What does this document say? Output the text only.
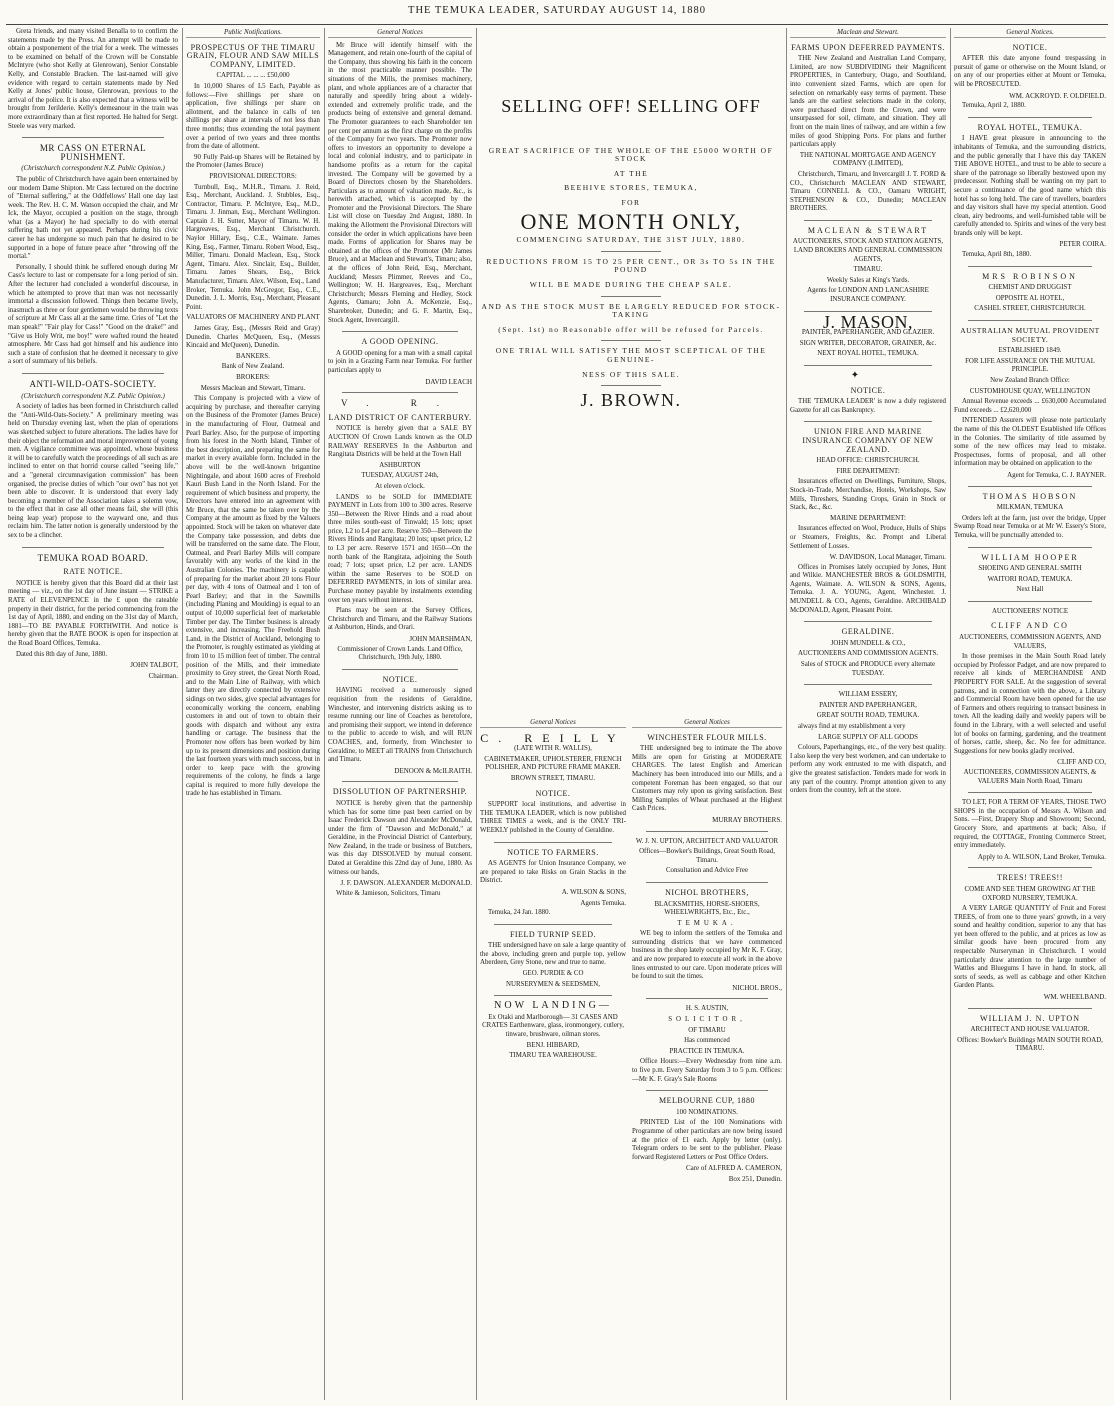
THE TEMUKA LEADER, SATURDAY AUGUST 14, 1880

Greta friends, and many visited Benalla to to confirm the statements made by the Press. An attempt will be made to obtain a postponement of the trial for a week. The witnesses to be examined on behalf of the Crown will be Constable McIntyre (who shot Kelly at Glenrowan), Senior Constable Kelly, and Constable Bracken. The last-named will give evidence with regard to certain statements made by Ned Kelly at Jones' public house, Glenrowan, previous to the arrival of the police. It is also expected that a witness will be brought from Jerilderie. Kelly's demeanour in the train was more extraordinary than at first reported. He halted for Sergt. Steele was very marked.

MR CASS ON ETERNAL PUNISHMENT.
(Christchurch correspondent N.Z. Public Opinion.)

The public of Christchurch have again been entertained by our modern Dame Shipton. Mr Cass lectured on the doctrine of "Eternal suffering," at the Oddfellows' Hall one day last week. The Rev. H. C. M. Watson occupied the chair, and Mr Ick, the Mayor, occupied a position on the stage, through what (as a Mayor) he had specially to do with eternal suffering hath not yet appeared. Perhaps during his civic career he has undergone so much pain that he desired to be supported in a hope of future peace after "throwing off the mortal."

Personally, I should think he suffered enough during Mr Cass's lecture to last or compensate for a long period of sin. After the lecturer had concluded a wonderful discourse, in which he attempted to prove that man was not necessarily immortal a discussion followed. Things then became lively, inasmuch as three or four gentlemen would be throwing texts of scripture at Mr Cass all at the same time. Cries of "Let the man speak!" "Fair play for Cass!" "Good on the drake!" and "Give us Holy Writ, me boy!" were wafted round the heated atmosphere. Mr Cass had got himself and his audience into such a state of confusion that he deemed it necessary to give a sort of summary of his beliefs.

ANTI-WILD-OATS-SOCIETY.
(Christchurch correspondent N.Z. Public Opinion.)

A society of ladies has been formed in Christchurch called the "Anti-Wild-Oats-Society." A preliminary meeting was held on Thursday evening last, when the plan of operations was sketched subject to future alterations. The ladies have for their object the reformation and moral improvement of young men. A vigilance committee was appointed, whose business it will be to carefully watch the proceedings of all such as are inclined to enter on that horrid course called "seeing life," and a "general circumnavigation commission" has been organised, the precise duties of which "our own" has not yet been able to discover. It is understood that every lady becoming a member of the Association takes a solemn vow, to the effect that in case all other means fail, she will (this being leap year) propose to the wayward one, and thus reclaim him. The latter notion is generally understood by the sex to be a clincher.

TEMUKA ROAD BOARD.
RATE NOTICE.

NOTICE is hereby given that this Board did at their last meeting — viz., on the 1st day of June instant — STRIKE a RATE of ELEVENPENCE in the £ upon the rateable property in their district, for the period commencing from the 1st day of April, 1880, and ending on the 31st day of March, 1881—TO BE PAYABLE FORTHWITH. And notice is hereby given that the RATE BOOK is open for inspection at the Road Board Offices, Temuka.

Dated this 8th day of June, 1880.

JOHN TALBOT,

Chairman.

Public Notifications.
PROSPECTUS OF THE TIMARU GRAIN, FLOUR AND SAW MILLS COMPANY, LIMITED.

CAPITAL ... ... ... £50,000

In 10,000 Shares of L5 Each, Payable as follows:—Five shillings per share on application, five shillings per share on allotment, and the balance in calls of ten shillings per share at intervals of not less than three months; thus extending the total payment over a period of two years and three months from the date of allotment.

90 Fully Paid-up Shares will be Retained by the Promoter (James Bruce)

PROVISIONAL DIRECTORS:

Turnbull, Esq., M.H.R., Timaru. J. Reid, Esq., Merchant, Auckland. J. Stubbles, Esq., Contractor, Timaru. P. McIntyre, Esq., M.D., Timaru. J. Jinman, Esq., Merchant Wellington. Captain J. H. Sutter, Mayor of Timaru. W. H. Hargreaves, Esq., Merchant Christchurch. Naylor Hillary, Esq., C.E., Waimate. James King, Esq., Farmer, Timaru. Robert Wood, Esq., Miller, Timaru. Donald Maclean, Esq., Stock Agent, Timaru. Alex. Sinclair, Esq., Builder, Timaru. James Shears, Esq., Brick Manufacturer, Timaru. Alex. Wilson, Esq., Land Broker, Temuka. John McGregor, Esq., C.E., Dunedin. J. L. Morris, Esq., Merchant, Pleasant Point.

VALUATORS OF MACHINERY AND PLANT

James Gray, Esq., (Messrs Reid and Gray) Dunedin. Charles McQueen, Esq., (Messrs Kincaid and McQueen), Dunedin.

BANKERS.

Bank of New Zealand.

BROKERS:

Messrs Maclean and Stewart, Timaru.

This Company is projected with a view of acquiring by purchase, and thereafter carrying on the Business of the Promoter (James Bruce) in the manufacturing of Flour, Oatmeal and Pearl Barley. Also, for the purpose of importing from his forest in the North Island, Timber of the best description, and preparing the same for market in every available form. Included in the above will be the well-known brigantine Nightingale, and about 1600 acres of Freehold Kauri Bush Land in the North Island. For the requirement of which business and property, the Directors have entered into an agreement with Mr Bruce, that the same be taken over by the Company at the amount as fixed by the Valuers appointed. Stock will be taken on whatever date the Company take possession, and debts due will be transferred on the same date. The Flour, Oatmeal, and Pearl Barley Mills will compare favorably with any works of the kind in the Australian Colonies. The machinery is capable of preparing for the market about 20 tons Flour per day, with 4 tons of Oatmeal and 1 ton of Pearl Barley; and that in the Sawmills (including Planing and Moulding) is equal to an output of 10,000 superficial feet of marketable Timber per day. The Timber business is already extensive, and increasing. The Freehold Bush Land, in the District of Auckland, belonging to the Promoter, is roughly estimated as yielding at from 10 to 15 million feet of timber. The central position of the Mills, and their immediate proximity to Grey street, the Great North Road, and to the Main Line of Railway, with which latter they are directly connected by extensive sidings on two sides, give special advantages for economically working the concern, enabling customers in and out of town to obtain their goods with dispatch and without any extra handling or cartage. The business that the Promoter now offers has been worked by him up to its present dimensions and position during the last fourteen years with much success, but in order to keep pace with the growing requirements of the colony, he finds a large capital is required to more fully develope the trade he has established in Timaru.

General Notices

Mr Bruce will identify himself with the Management, and retain one-fourth of the capital of the Company, thus showing his faith in the concern in the most practicable manner possible. The situations of the Mills, the premises machinery, plant, and whole appliances are of a character that naturally and speedily bring about a widely-extended and extremely prolific trade, and the products being of extensive and general demand. The Promoter guarantees to each Shareholder ten per cent per annum as the first charge on the profits of the Company for two years. The Promoter now offers to investors an opportunity to develope a local and colonial industry, and to participate in handsome profits as a return for the capital invested. The Company will be governed by a Board of Directors chosen by the Shareholders. Particulars as to amount of valuation made, &c., is herewith attached, which is accepted by the Promoter and the Provisional Directors. The Share List will close on Tuesday 2nd August, 1880. In making the Allotment the Provisional Directors will consider the order in which applications have been made. Forms of application for Shares may be obtained at the offices of the Promoter (Mr James Bruce), and at Maclean and Stewart's, Timaru; also, at the offices of John Reid, Esq., Merchant, Auckland; Messrs Plimmer, Reeves and Co., Wellington; W. H. Hargreaves, Esq., Merchant Christchurch; Messrs Fleming and Hedley, Stock Agents, Oamaru; John A. McKenzie, Esq., Sharebroker, Dunedin; and G. F. Martin, Esq., Stock Agent, Invercargill.

A GOOD OPENING.

A GOOD opening for a man with a small capital to join in a Grazing Farm near Temuka. For further particulars apply to

DAVID LEACH

V. R.
LAND DISTRICT OF CANTERBURY.

NOTICE is hereby given that a SALE BY AUCTION Of Crown Lands known as the OLD RAILWAY RESERVES In the Ashburton and Rangitata Districts will be held at the Town Hall

ASHBURTON

TUESDAY, AUGUST 24th,

At eleven o'clock.

LANDS to be SOLD for IMMEDIATE PAYMENT in Lots from 100 to 300 acres. Reserve 350—Between the River Hinds and a road about three miles south-east of Tinwald; 15 lots; upset price, L2 to L4 per acre. Reserve 350—Between the Rivers Hinds and Rangitata; 20 lots; upset price, L2 to L3 per acre. Reserve 1571 and 1650—On the north bank of the Rangitata, adjoining the South road; 7 lots; upset price, L2 per acre. LANDS within the same Reserves to be SOLD on DEFERRED PAYMENTS, in lots of similar area. Purchase money payable by instalments extending over ten years without interest.

Plans may be seen at the Survey Offices, Christchurch and Timaru, and the Railway Stations at Ashburton, Hinds, and Orari.

JOHN MARSHMAN,

Commissioner of Crown Lands. Land Office, Christchurch, 19th July, 1880.

NOTICE.

HAVING received a numerously signed requisition from the residents of Geraldine, Winchester, and intervening districts asking us to resume running our line of Coaches as heretofore, and promising their support, we intend in deference to the public to accede to wish, and will RUN COACHES, and, formerly, from Winchester to Geraldine, to MEET all TRAINS from Christchurch and Timaru.

DENOON & McILRAITH.

DISSOLUTION OF PARTNERSHIP.

NOTICE is hereby given that the partnership which has for some time past been carried on by Isaac Frederick Dawson and Alexander McDonald, under the firm of "Dawson and McDonald," at Geraldine, in the Provincial District of Canterbury, New Zealand, in the trade or business of Butchers, was this day DISSOLVED by mutual consent. Dated at Geraldine this 22nd day of June, 1880. As witness our hands,

J. F. DAWSON. ALEXANDER McDONALD.

White & Jamieson, Solicitors, Timaru

SELLING OFF! SELLING OFF
GREAT SACRIFICE OF THE WHOLE OF THE £5000 WORTH OF STOCK
AT THE
BEEHIVE STORES, TEMUKA,
FOR
ONE MONTH ONLY,
COMMENCING SATURDAY, THE 31ST JULY, 1880.
REDUCTIONS FROM 15 TO 25 PER CENT., OR 3s TO 5s IN THE POUND
WILL BE MADE DURING THE CHEAP SALE.
AND AS THE STOCK MUST BE LARGELY REDUCED FOR STOCK-TAKING
(Sept. 1st) no Reasonable offer will be refused for Parcels.
ONE TRIAL WILL SATISFY THE MOST SCEPTICAL OF THE GENUINE-
NESS OF THIS SALE.
J. BROWN.
General Notices
C. REILLY

(LATE WITH R. WALLIS),

CABINETMAKER, UPHOLSTERER, FRENCH POLISHER, AND PICTURE FRAME MAKER.

BROWN STREET, TIMARU.

NOTICE.

SUPPORT local institutions, and advertise in THE TEMUKA LEADER, which is now published THREE TIMES a week, and is the ONLY TRI-WEEKLY published in the County of Geraldine.

NOTICE TO FARMERS.

AS AGENTS for Union Insurance Company, we are prepared to take Risks on Grain Stacks in the District.

A. WILSON & SONS,

Agents Temuka.

Temuka, 24 Jan. 1880.

FIELD TURNIP SEED.

THE undersigned have on sale a large quantity of the above, including green and purple top, yellow Aberdeen, Grey Stone, new and true to name.

GEO. PURDIE & CO

NURSERYMEN & SEEDSMEN,

NOW LANDING—

Ex Otaki and Marlborough— 31 CASES AND CRATES Earthenware, glass, ironmongery, cutlery, tinware, brushware, oilman stores.

BENJ. HIBBARD,

TIMARU TEA WAREHOUSE.

General Notices
WINCHESTER FLOUR MILLS.

THE undersigned beg to intimate the The above Mills are open for Gristing at MODERATE CHARGES. The latest English and American Machinery has been introduced into our Mills, and a competent Foreman has been engaged, so that our Customers may rely upon us giving satisfaction. Best Milling Samples of Wheat purchased at the Highest Cash Prices.

MURRAY BROTHERS.

W. J. N. UPTON, ARCHITECT AND VALUATOR

Offices—Bowker's Buildings, Great South Road, Timaru.

Consultation and Advice Free

NICHOL BROTHERS,

BLACKSMITHS, HORSE-SHOERS, WHEELWRIGHTS, Etc., Etc.,

TEMUKA.

WE beg to inform the settlers of the Temuka and surrounding districts that we have commenced business in the shop lately occupied by Mr K. F. Gray, and are now prepared to execute all work in the above lines entrusted to our care. Upon moderate prices will be found to suit the times.

NICHOL BROS.,

H. S. AUSTIN,

SOLICITOR,

OF TIMARU

Has commenced

PRACTICE IN TEMUKA.

Office Hours:—Every Wednesday from nine a.m. to five p.m. Every Saturday from 3 to 5 p.m. Offices:—Mr K. F. Gray's Sale Rooms

MELBOURNE CUP, 1880

100 NOMINATIONS.

PRINTED List of the 100 Nominations with Programme of other particulars are now being issued at the price of £1 each. Apply by letter (only). Telegram orders to be sent to the publisher. Please forward Registered Letters or Post Office Orders.

Care of ALFRED A. CAMERON,

Box 251, Dunedin.

Maclean and Stewart.
FARMS UPON DEFERRED PAYMENTS.

THE New Zealand and Australian Land Company, Limited, are now SUBDIVIDING their Magnificent PROPERTIES, in Canterbury, Otago, and Southland, into convenient sized Farms, which are open for selection on remarkably easy terms of payment. These lands are the earliest selections made in the colony, were purchased direct from the Crown, and were unsurpassed for soil, climate, and situation. They all front on the main lines of railway, and are within a few miles of good Shipping Ports. For plans and further particulars apply

THE NATIONAL MORTGAGE AND AGENCY COMPANY (LIMITED),

Christchurch, Timaru, and Invercargill J. T. FORD & CO., Christchurch MACLEAN AND STEWART, Timaru CONNELL & CO., Oamaru WRIGHT, STEPHENSON & CO., Dunedin; MACLEAN BROTHERS.

MACLEAN & STEWART

AUCTIONEERS, STOCK AND STATION AGENTS, LAND BROKERS AND GENERAL COMMISSION AGENTS,

TIMARU.

Weekly Sales at King's Yards.

Agents for LONDON AND LANCASHIRE INSURANCE COMPANY.

J. MASON,

PAINTER, PAPERHANGER, AND GLAZIER.

SIGN WRITER, DECORATOR, GRAINER, &c.

NEXT ROYAL HOTEL, TEMUKA.

✦
NOTICE.

THE 'TEMUKA LEADER' is now a duly registered Gazette for all cas Bankruptcy.

UNION FIRE AND MARINE INSURANCE COMPANY OF NEW ZEALAND.

HEAD OFFICE: CHRISTCHURCH.

FIRE DEPARTMENT:

Insurances effected on Dwellings, Furniture, Shops, Stock-in-Trade, Merchandise, Hotels, Workshops, Saw Mills, Threshers, Standing Crops, Grain in Stock or Stack, &c., &c.

MARINE DEPARTMENT:

Insurances effected on Wool, Produce, Hulls of Ships or Steamers, Freights, &c. Prompt and Liberal Settlement of Losses.

W. DAVIDSON, Local Manager, Timaru.

Offices in Promises lately occupied by Jones, Hunt and Wilkie. MANCHESTER BROS & GOLDSMITH, Agents, Waimate. A. WILSON & SONS, Agents, Temuka. J. A. YOUNG, Agent, Winchester. J. MUNDELL & CO., Agents, Geraldine. ARCHIBALD McDONALD, Agent, Pleasant Point.

GERALDINE.

JOHN MUNDELL & CO.,

AUCTIONEERS AND COMMISSION AGENTS.

Sales of STOCK and PRODUCE every alternate TUESDAY.

WILLIAM ESSERY,

PAINTER AND PAPERHANGER,

GREAT SOUTH ROAD, TEMUKA.

always find at my establishment a very

LARGE SUPPLY OF ALL GOODS

Colours, Paperhangings, etc., of the very best quality. I also keep the very best workmen, and can undertake to perform any work entrusted to me with dispatch, and give the greatest satisfaction. Tenders made for work in any part of the country. Prompt attention given to any orders from the country, left at the store.

General Notices.
NOTICE.

AFTER this date anyone found trespassing in pursuit of game or otherwise on the Mount Island, or on any of our properties either at Mount or Temuka, will be PROSECUTED.

WM. ACKROYD. F. OLDFIELD.

Temuka, April 2, 1880.

ROYAL HOTEL, TEMUKA.

I HAVE great pleasure in announcing to the inhabitants of Temuka, and the surrounding districts, and the public generally that I have this day TAKEN THE ABOVE HOTEL, and trust to be able to secure a share of the patronage so liberally bestowed upon my predecessor. Nothing shall be wanting on my part to secure a continuance of the good name which this hotel has so long held. The care of travellers, boarders and day visitors shall have my special attention. Good clean, airy bedrooms, and well-furnished table will be carefully attended to. Spirits and wines of the very best brands only will be kept.

PETER COIRA.

Temuka, April 8th, 1880.

MRS ROBINSON

CHEMIST AND DRUGGIST

OPPOSITE AL HOTEL,

CASHEL STREET, CHRISTCHURCH.

AUSTRALIAN MUTUAL PROVIDENT SOCIETY.

ESTABLISHED 1849.

FOR LIFE ASSURANCE ON THE MUTUAL PRINCIPLE.

New Zealand Branch Office:

CUSTOMHOUSE QUAY, WELLINGTON

Annual Revenue exceeds ... £630,000 Accumulated Fund exceeds ... £2,620,000

INTENDED Assurers will please note particularly the name of this the OLDEST Established life Offices in the Colonies. The similarity of title assumed by some of the new offices may lead to mistake. Prospectuses, forms of proposal, and all other information may be obtained on application to the

Agent for Temuka, C. J. RAYNER.

THOMAS HOBSON

MILKMAN, TEMUKA

Orders left at the farm, just over the bridge, Upper Swamp Road near Temuka or at Mr W. Essery's Store, Temuka, will be punctually attended to.

WILLIAM HOOPER

SHOEING AND GENERAL SMITH

WAITORI ROAD, TEMUKA.

Next Hall

AUCTIONEERS' NOTICE

CLIFF AND CO

AUCTIONEERS, COMMISSION AGENTS, AND VALUERS,

In those premises in the Main South Road lately occupied by Professor Padget, and are now prepared to receive all kinds of MERCHANDISE AND PROPERTY FOR SALE. At the suggestion of several patrons, and in connection with the above, a Library and Commercial Room have been opened for the use of Farmers and others requiring to transact business in town. All the leading daily and weekly papers will be found in the Library, with a well selected and useful lot of books on farming, gardening, and the treatment of horses, cattle, sheep, &c. No fee for admittance. Suggestions for new books gladly received.

CLIFF AND CO,

AUCTIONEERS, COMMISSION AGENTS, & VALUERS Main North Road, Timaru

TO LET, FOR A TERM OF YEARS, THOSE TWO SHOPS in the occupation of Messrs A. Wilson and Sons. —First, Drapery Shop and Showroom; Second, Grocery Store, and apartments at back; Also, if required, the COTTAGE, Fronting Commerce Street, entry immediately.

Apply to A. WILSON, Land Broker, Temuka.

TREES! TREES!!

COME AND SEE THEM GROWING AT THE OXFORD NURSERY, TEMUKA.

A VERY LARGE QUANTITY of Fruit and Forest TREES, of from one to three years' growth, in a very sound and healthy condition, superior to any that has yet been offered to the public, and at prices as low as similar goods have been procured from any respectable Nurseryman in Christchurch. I would particularly draw attention to the large number of Wattles and Bluegums I have in hand. In stock, all sorts of seeds, as well as cabbage and other Kitchen Garden Plants.

WM. WHEELBAND.

WILLIAM J. N. UPTON

ARCHITECT AND HOUSE VALUATOR.

Offices: Bowker's Buildings MAIN SOUTH ROAD, TIMARU.
